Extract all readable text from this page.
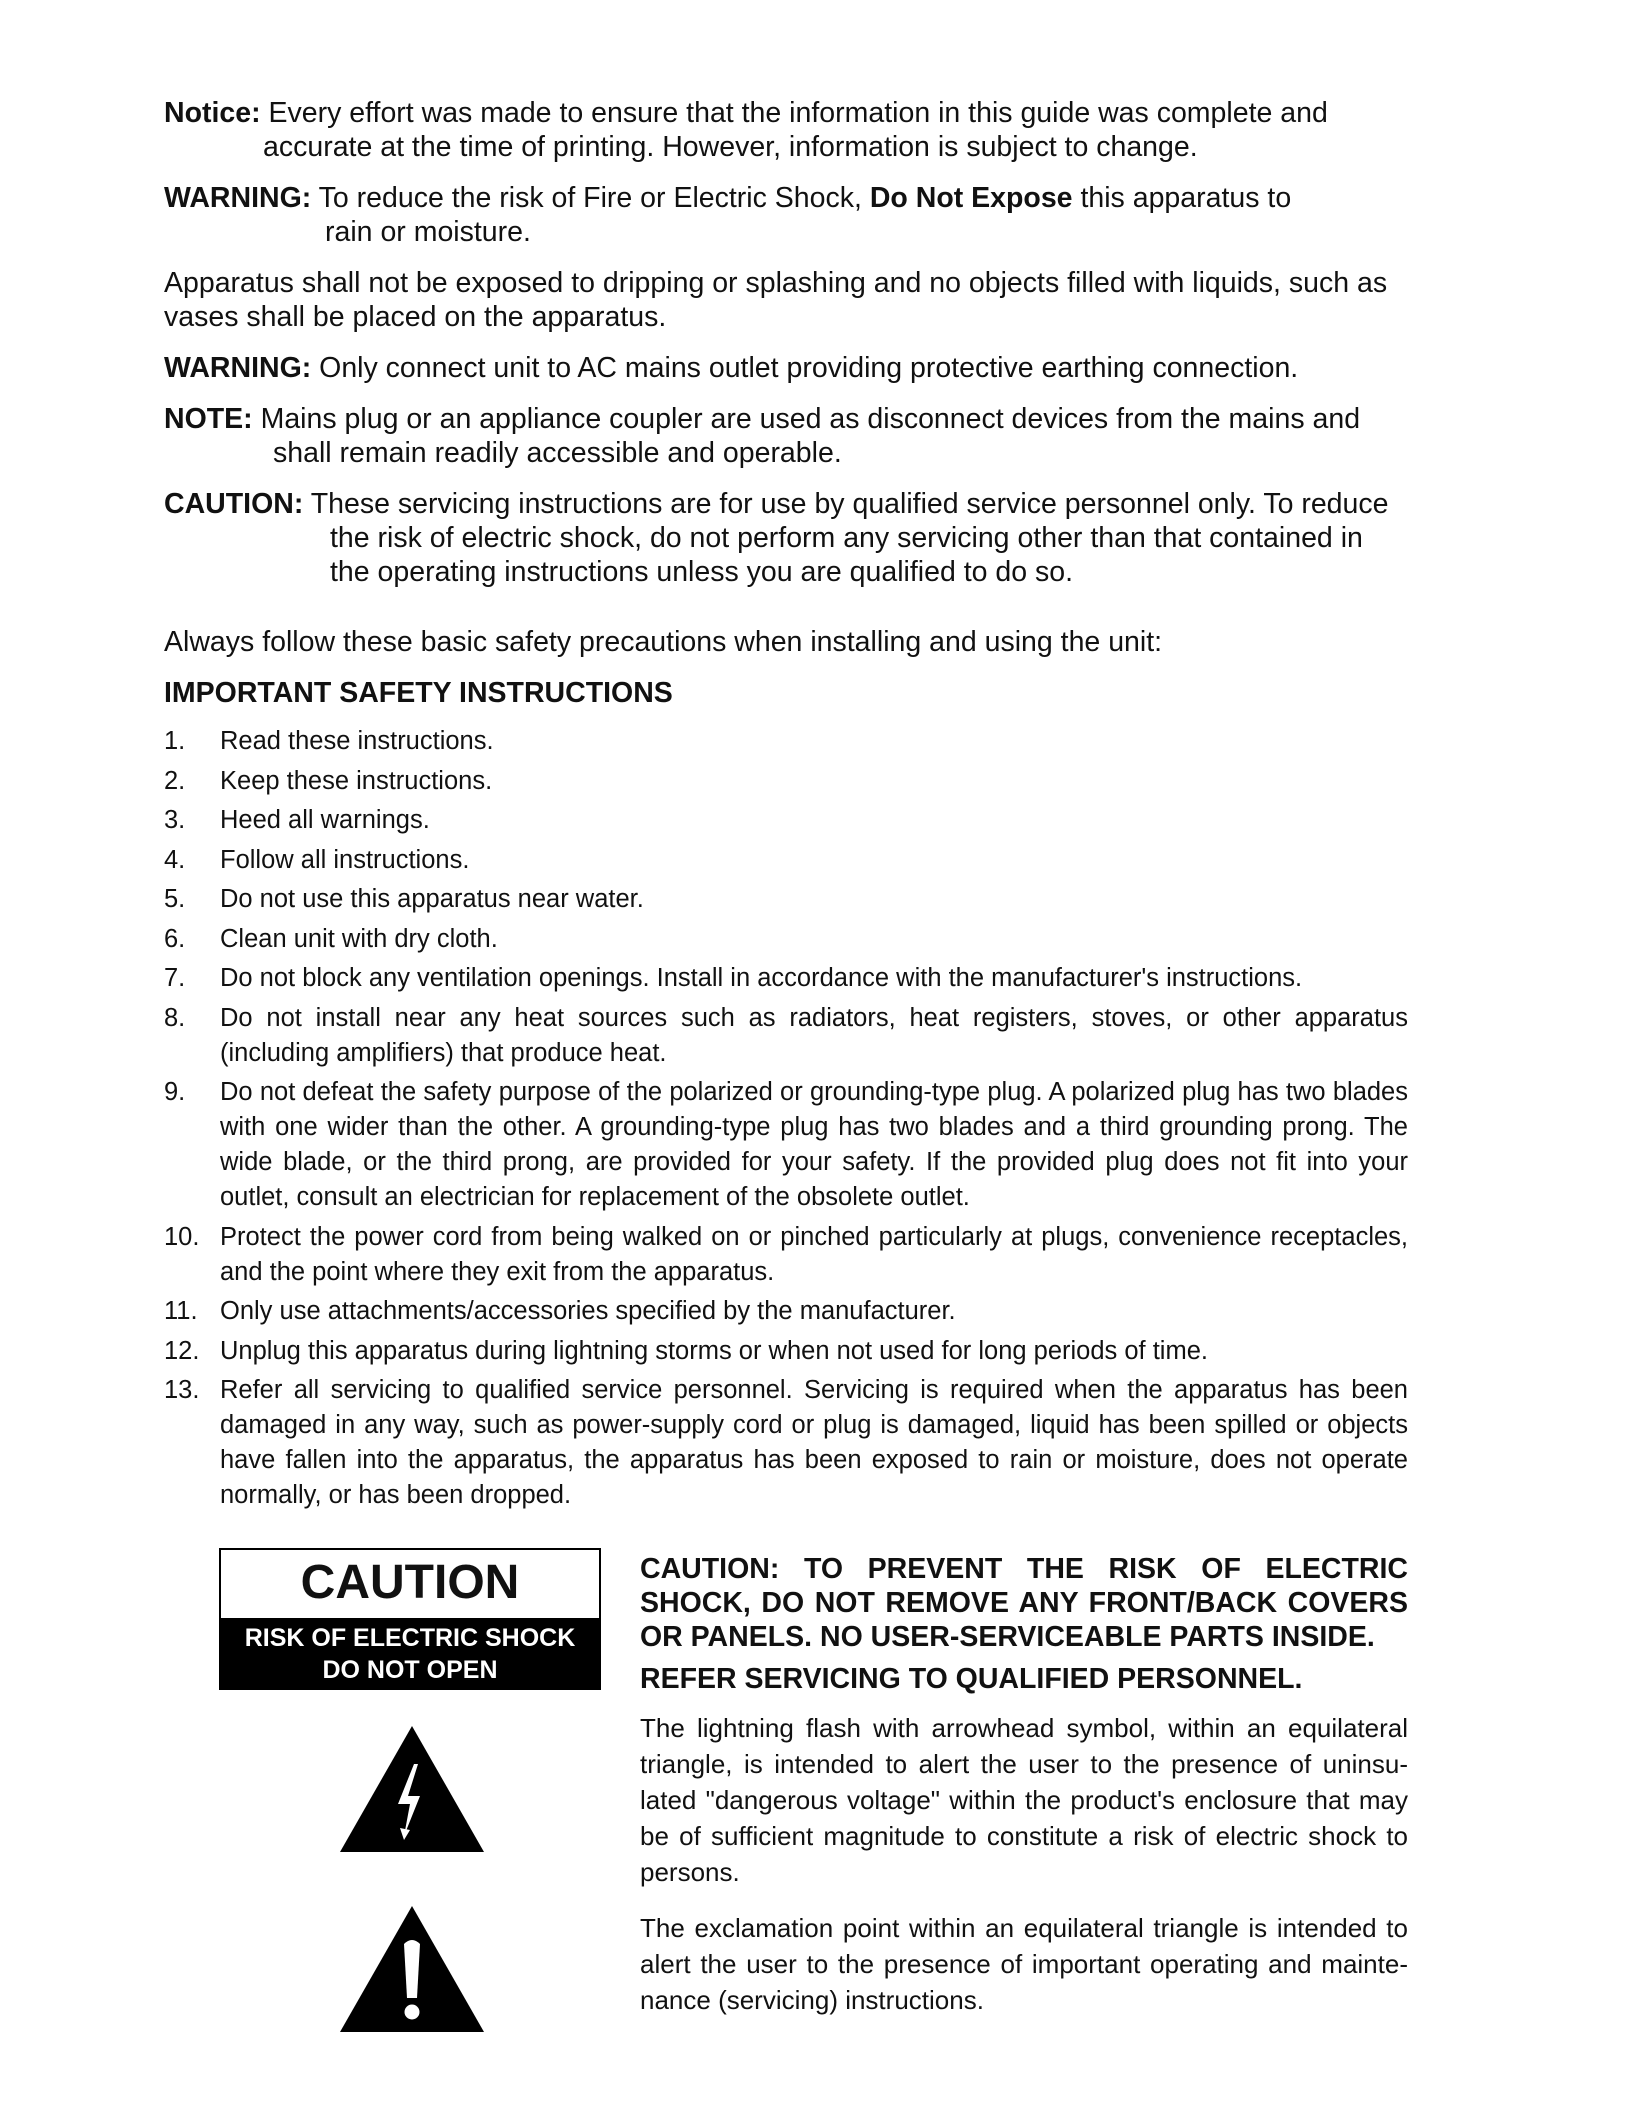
Notice: Every effort was made to ensure that the information in this guide was complete and
accurate at the time of printing. However, information is subject to change.
WARNING: To reduce the risk of Fire or Electric Shock, Do Not Expose this apparatus to
rain or moisture.
Apparatus shall not be exposed to dripping or splashing and no objects filled with liquids, such as vases shall be placed on the apparatus.
WARNING: Only connect unit to AC mains outlet providing protective earthing connection.
NOTE: Mains plug or an appliance coupler are used as disconnect devices from the mains and
shall remain readily accessible and operable.
CAUTION: These servicing instructions are for use by qualified service personnel only. To reduce
the risk of electric shock, do not perform any servicing other than that contained in
the operating instructions unless you are qualified to do so.
Always follow these basic safety precautions when installing and using the unit:
IMPORTANT SAFETY INSTRUCTIONS
1. Read these instructions.
2. Keep these instructions.
3. Heed all warnings.
4. Follow all instructions.
5. Do not use this apparatus near water.
6. Clean unit with dry cloth.
7. Do not block any ventilation openings. Install in accordance with the manufacturer's instructions.
8. Do not install near any heat sources such as radiators, heat registers, stoves, or other apparatus (including amplifiers) that produce heat.
9. Do not defeat the safety purpose of the polarized or grounding-type plug. A polarized plug has two blades with one wider than the other. A grounding-type plug has two blades and a third grounding prong. The wide blade, or the third prong, are provided for your safety. If the provided plug does not fit into your outlet, consult an electrician for replacement of the obsolete outlet.
10. Protect the power cord from being walked on or pinched particularly at plugs, convenience receptacles, and the point where they exit from the apparatus.
11. Only use attachments/accessories specified by the manufacturer.
12. Unplug this apparatus during lightning storms or when not used for long periods of time.
13. Refer all servicing to qualified service personnel. Servicing is required when the apparatus has been damaged in any way, such as power-supply cord or plug is damaged, liquid has been spilled or objects have fallen into the apparatus, the apparatus has been exposed to rain or moisture, does not operate normally, or has been dropped.
CAUTION
RISK OF ELECTRIC SHOCK
DO NOT OPEN

CAUTION: TO PREVENT THE RISK OF ELECTRIC

SHOCK, DO NOT REMOVE ANY FRONT/BACK COVERS

OR PANELS. NO USER-SERVICEABLE PARTS INSIDE.

REFER SERVICING TO QUALIFIED PERSONNEL.

The lightning flash with arrowhead symbol, within an equilateral triangle, is intended to alert the user to the presence of uninsu-lated "dangerous voltage" within the product's enclosure that may be of sufficient magnitude to constitute a risk of electric shock to persons.

The exclamation point within an equilateral triangle is intended to alert the user to the presence of important operating and mainte-nance (servicing) instructions.
